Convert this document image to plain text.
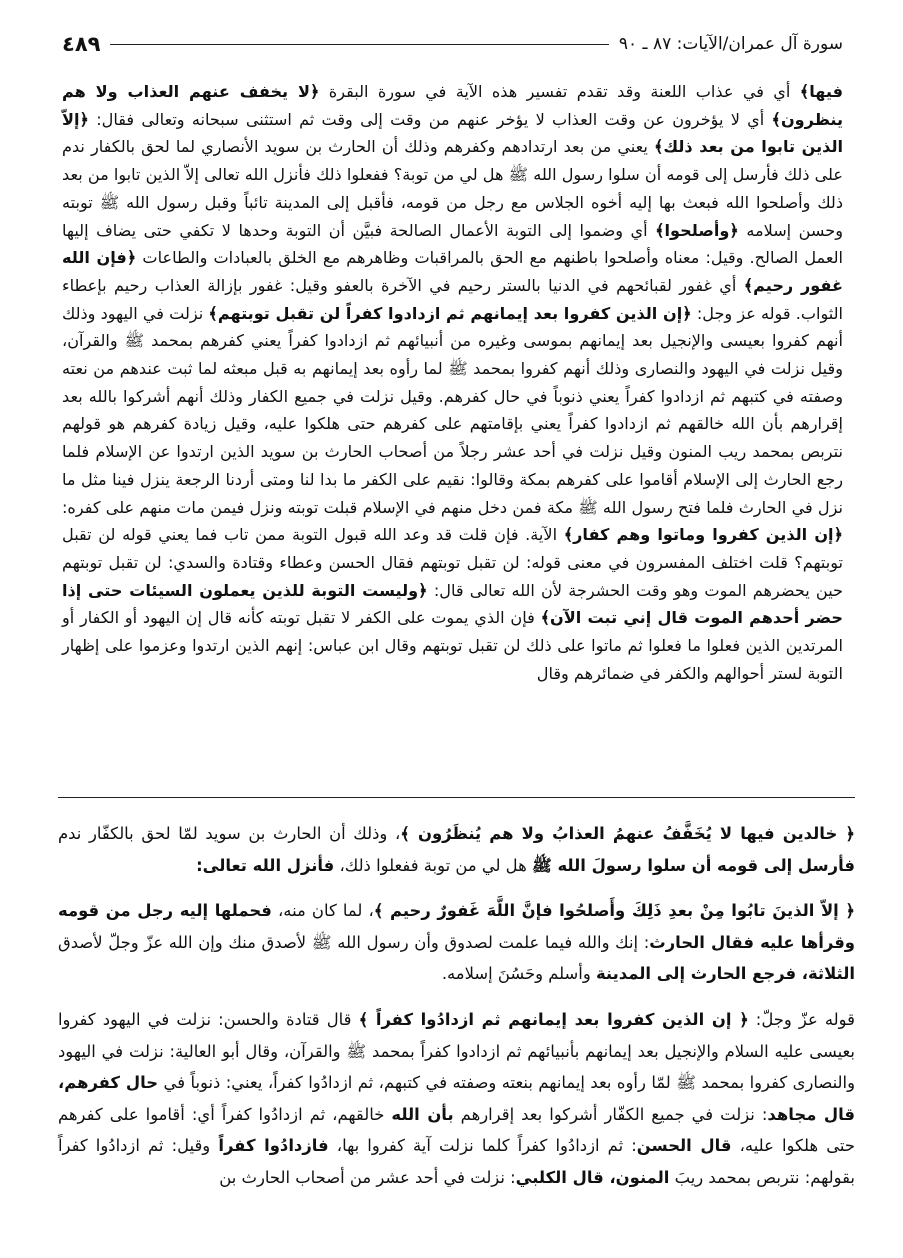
سورة آل عمران/الآيات: ٨٧ ـ ٩٠
٤٨٩

فيها﴾ أي في عذاب اللعنة وقد تقدم تفسير هذه الآية في سورة البقرة ﴿لا يخفف عنهم العذاب ولا هم ينظرون﴾ أي لا يؤخرون عن وقت العذاب لا يؤخر عنهم من وقت إلى وقت ثم استثنى سبحانه وتعالى فقال: ﴿إلاّ الذين تابوا من بعد ذلك﴾ يعني من بعد ارتدادهم وكفرهم وذلك أن الحارث بن سويد الأنصاري لما لحق بالكفار ندم على ذلك فأرسل إلى قومه أن سلوا رسول الله ﷺ هل لي من توبة؟ ففعلوا ذلك فأنزل الله تعالى إلاّ الذين تابوا من بعد ذلك وأصلحوا الله فبعث بها إليه أخوه الجلاس مع رجل من قومه، فأقبل إلى المدينة تائباً وقبل رسول الله ﷺ توبته وحسن إسلامه ﴿وأصلحوا﴾ أي وضموا إلى التوبة الأعمال الصالحة فبيَّن أن التوبة وحدها لا تكفي حتى يضاف إليها العمل الصالح. وقيل: معناه وأصلحوا باطنهم مع الحق بالمراقبات وظاهرهم مع الخلق بالعبادات والطاعات ﴿فإن الله غفور رحيم﴾ أي غفور لقبائحهم في الدنيا بالستر رحيم في الآخرة بالعفو وقيل: غفور بإزالة العذاب رحيم بإعطاء الثواب. قوله عز وجل: ﴿إن الذين كفروا بعد إيمانهم ثم ازدادوا كفراً لن تقبل توبتهم﴾ نزلت في اليهود وذلك أنهم كفروا بعيسى والإنجيل بعد إيمانهم بموسى وغيره من أنبيائهم ثم ازدادوا كفراً يعني كفرهم بمحمد ﷺ والقرآن، وقيل نزلت في اليهود والنصارى وذلك أنهم كفروا بمحمد ﷺ لما رأوه بعد إيمانهم به قبل مبعثه لما ثبت عندهم من نعته وصفته في كتبهم ثم ازدادوا كفراً يعني ذنوباً في حال كفرهم. وقيل نزلت في جميع الكفار وذلك أنهم أشركوا بالله بعد إقرارهم بأن الله خالقهم ثم ازدادوا كفراً يعني بإقامتهم على كفرهم حتى هلكوا عليه، وقيل زيادة كفرهم هو قولهم نتربص بمحمد ريب المنون وقيل نزلت في أحد عشر رجلاً من أصحاب الحارث بن سويد الذين ارتدوا عن الإسلام فلما رجع الحارث إلى الإسلام أقاموا على كفرهم بمكة وقالوا: نقيم على الكفر ما بدا لنا ومتى أردنا الرجعة ينزل فينا مثل ما نزل في الحارث فلما فتح رسول الله ﷺ مكة فمن دخل منهم في الإسلام قبلت توبته ونزل فيمن مات منهم على كفره: ﴿إن الذين كفروا وماتوا وهم كفار﴾ الآية. فإن قلت قد وعد الله قبول التوبة ممن تاب فما يعني قوله لن تقبل توبتهم؟ قلت اختلف المفسرون في معنى قوله: لن تقبل توبتهم فقال الحسن وعطاء وقتادة والسدي: لن تقبل توبتهم حين يحضرهم الموت وهو وقت الحشرجة لأن الله تعالى قال: ﴿وليست التوبة للذين يعملون السيئات حتى إذا حضر أحدهم الموت قال إني تبت الآن﴾ فإن الذي يموت على الكفر لا تقبل توبته كأنه قال إن اليهود أو الكفار أو المرتدين الذين فعلوا ما فعلوا ثم ماتوا على ذلك لن تقبل توبتهم وقال ابن عباس: إنهم الذين ارتدوا وعزموا على إظهار التوبة لستر أحوالهم والكفر في ضمائرهم وقال

﴿ خالدين فيها لا يُخَفَّفُ عنهمُ العذابُ ولا هم يُنظَرُون ﴾، وذلك أن الحارث بن سويد لمّا لحق بالكفّار ندم فأرسل إلى قومه أن سلوا رسولَ الله ﷺ هل لي من توبة ففعلوا ذلك، فأنزل الله تعالى:

﴿ إلاّ الذينَ تابُوا مِنْ بعدِ ذَلِكَ وأَصلحُوا فإنَّ اللَّهَ غَفورٌ رحيم ﴾، لما كان منه، فحملها إليه رجل من قومه وقرأها عليه فقال الحارث: إنك والله فيما علمت لصدوق وأن رسول الله ﷺ لأصدق منك وإن الله عزّ وجلّ لأصدق الثلاثة، فرجع الحارث إلى المدينة وأسلم وحَسُنَ إسلامه.

قوله عزّ وجلّ: ﴿ إن الذين كفروا بعد إيمانهم ثم ازدادُوا كفراً ﴾ قال قتادة والحسن: نزلت في اليهود كفروا بعيسى عليه السلام والإنجيل بعد إيمانهم بأنبيائهم ثم ازدادوا كفراً بمحمد ﷺ والقرآن، وقال أبو العالية: نزلت في اليهود والنصارى كفروا بمحمد ﷺ لمّا رأوه بعد إيمانهم بنعته وصفته في كتبهم، ثم ازدادُوا كفراً، يعني: ذنوباً في حال كفرهم، قال مجاهد: نزلت في جميع الكفّار أشركوا بعد إقرارهم بأن الله خالقهم، ثم ازدادُوا كفراً أي: أقاموا على كفرهم حتى هلكوا عليه، قال الحسن: ثم ازدادُوا كفراً كلما نزلت آية كفروا بها، فازدادُوا كفراً وقيل: ثم ازدادُوا كفراً بقولهم: نتربص بمحمد ريبَ المنون، قال الكلبي: نزلت في أحد عشر من أصحاب الحارث بن
